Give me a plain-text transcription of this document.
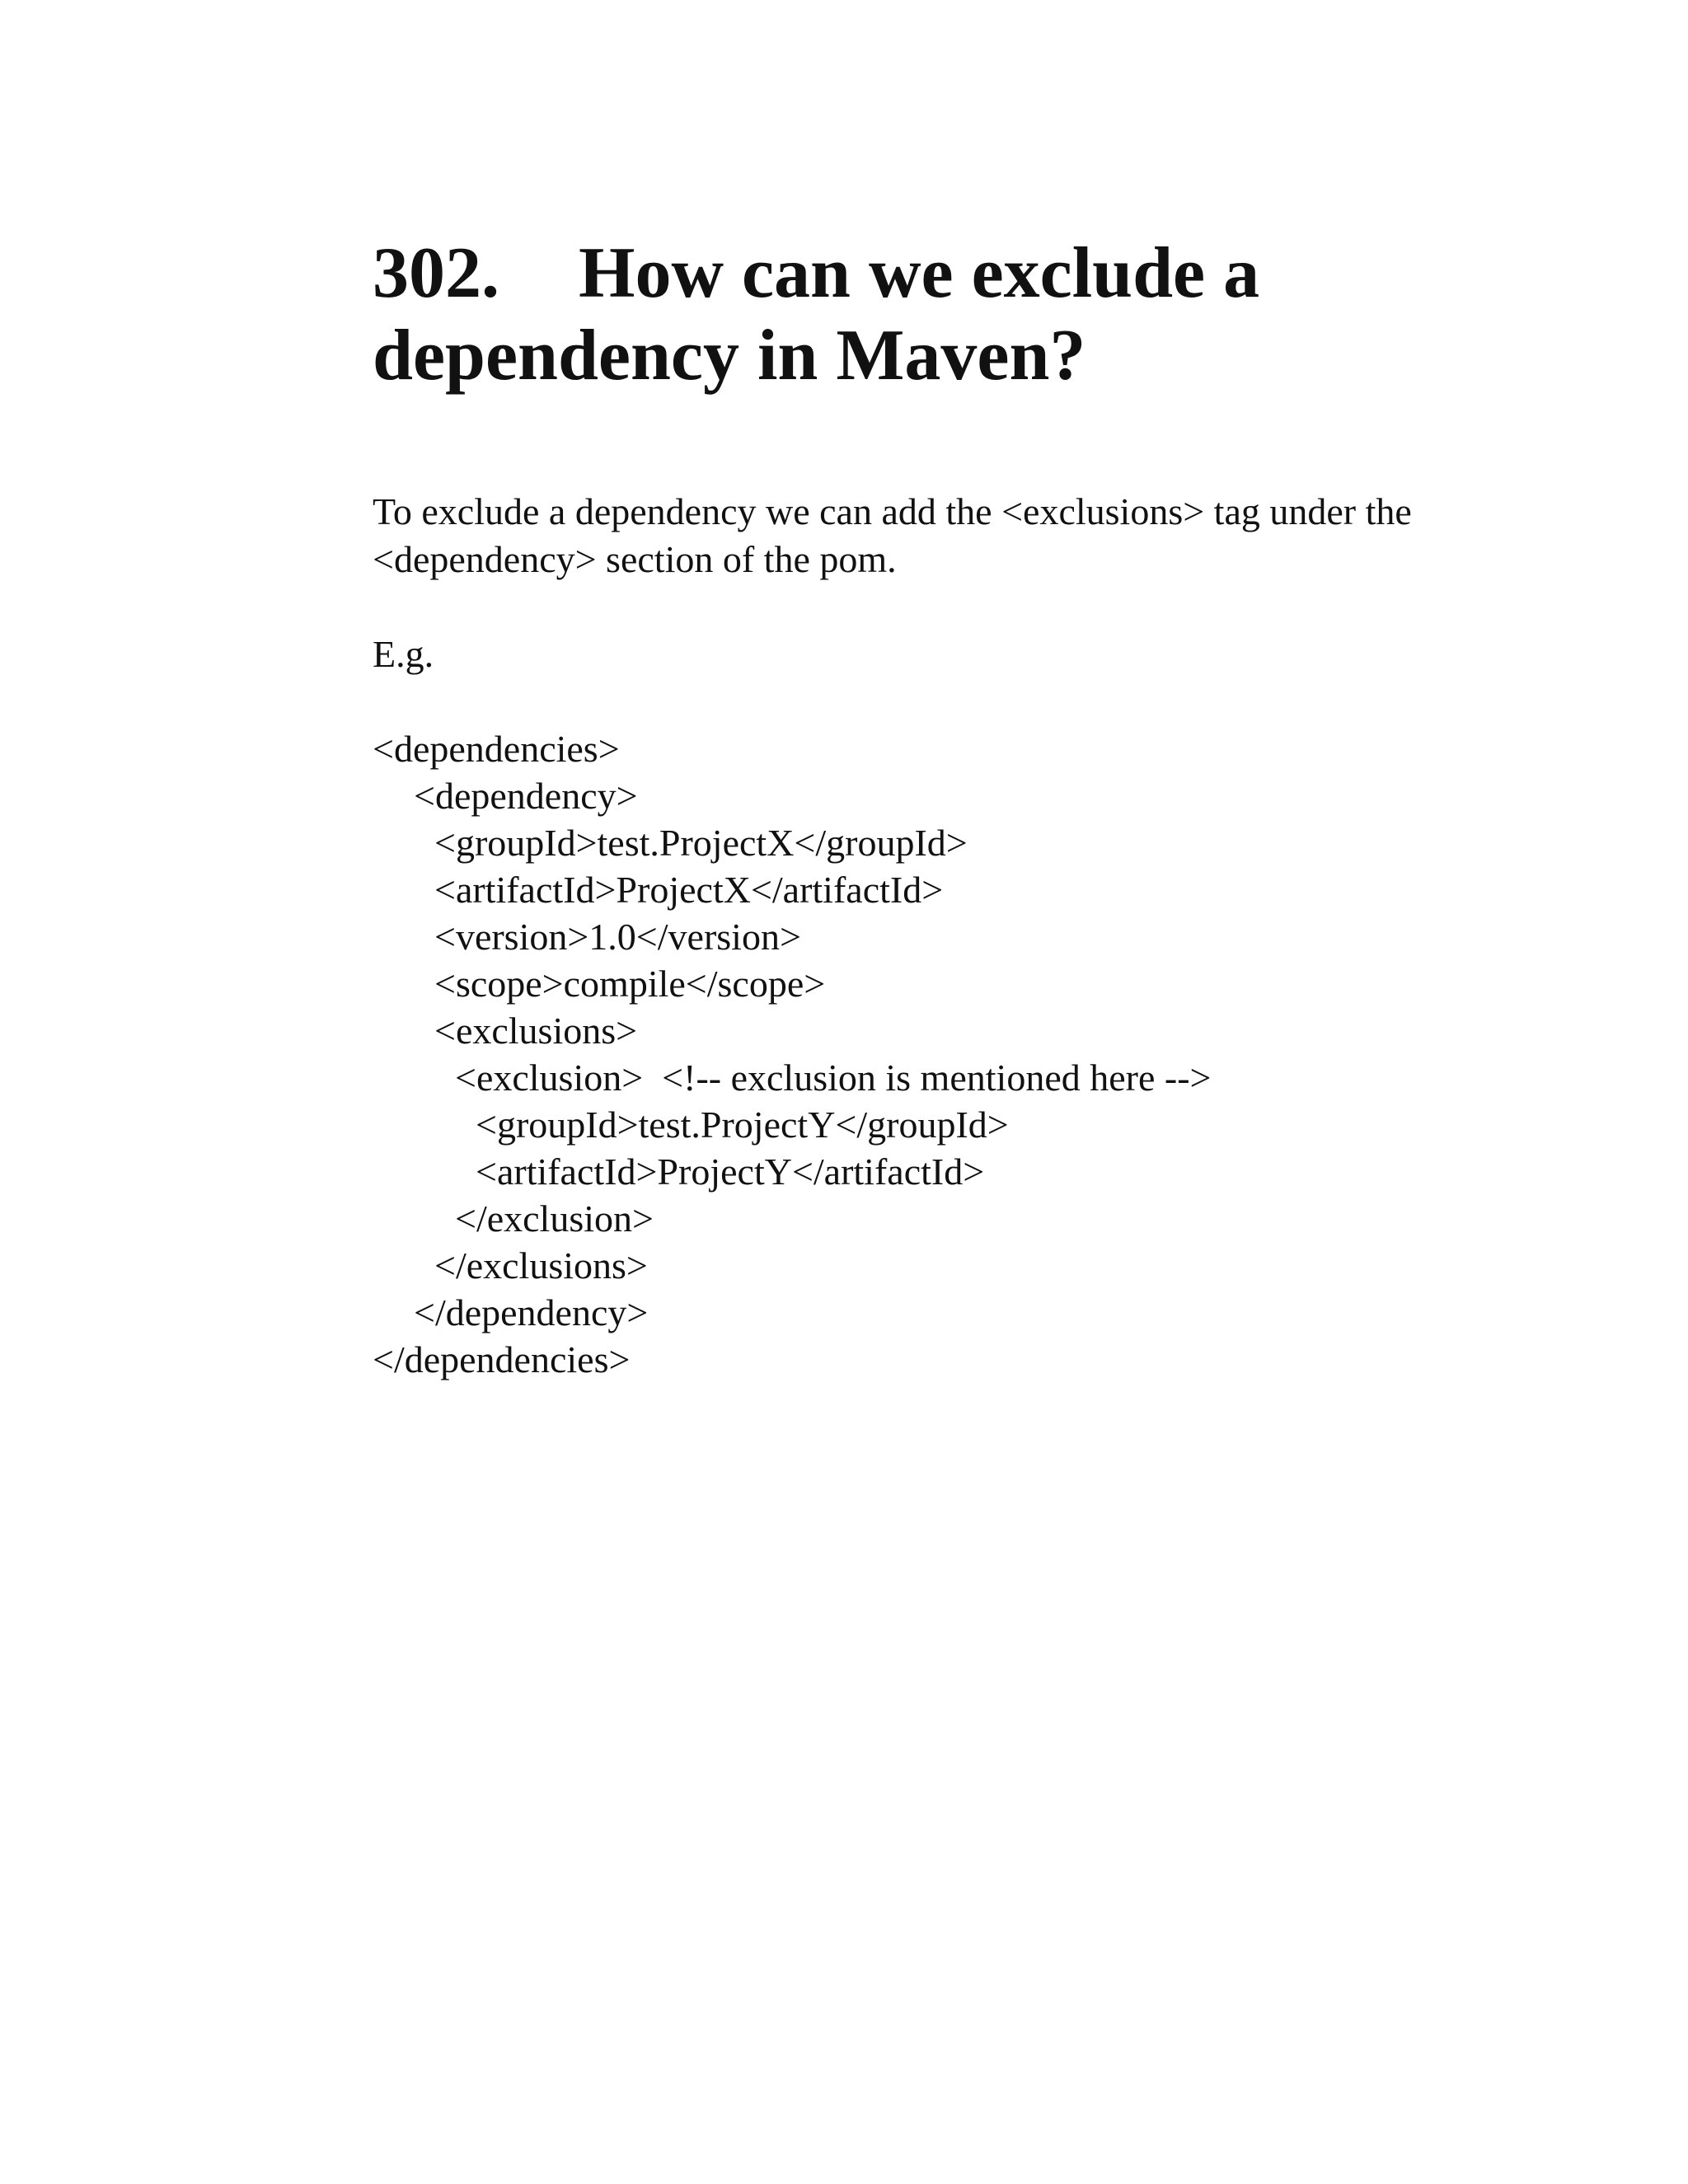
302. How can we exclude a dependency in Maven?

To exclude a dependency we can add the <exclusions> tag under the <dependency> section of the pom.

E.g.

<dependencies>
<dependency>
<groupId>test.ProjectX</groupId>
<artifactId>ProjectX</artifactId>
<version>1.0</version>
<scope>compile</scope>
<exclusions>
<exclusion>  <!-- exclusion is mentioned here -->
<groupId>test.ProjectY</groupId>
<artifactId>ProjectY</artifactId>
</exclusion>
</exclusions>
</dependency>
</dependencies>
